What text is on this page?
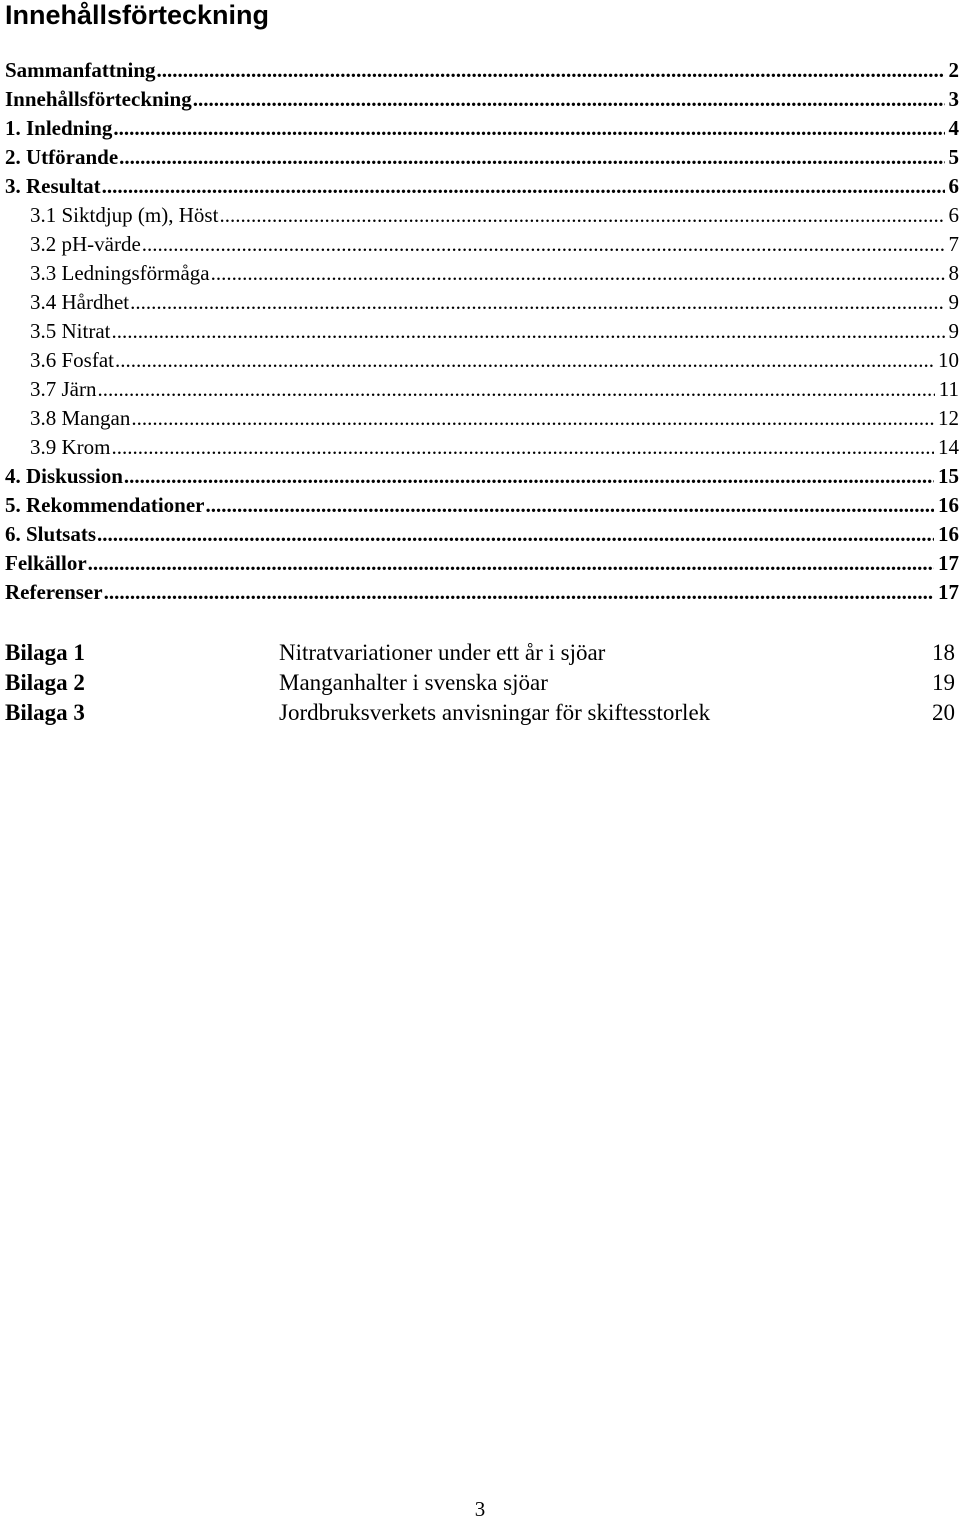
Innehållsförteckning
Sammanfattning .....	2
Innehållsförteckning .....	3
1. Inledning .....	4
2. Utförande .....	5
3. Resultat .....	6
3.1 Siktdjup (m), Höst .....	6
3.2 pH-värde .....	7
3.3 Ledningsförmåga .....	8
3.4 Hårdhet .....	9
3.5 Nitrat .....	9
3.6 Fosfat .....	10
3.7 Järn .....	11
3.8 Mangan .....	12
3.9 Krom .....	14
4. Diskussion .....	15
5. Rekommendationer .....	16
6. Slutsats .....	16
Felkällor .....	17
Referenser .....	17
Bilaga 1	Nitratvariationer under ett år i sjöar	18
Bilaga 2	Manganhalter i svenska sjöar	19
Bilaga 3	Jordbruksverkets anvisningar för skiftesstorlek	20
3
